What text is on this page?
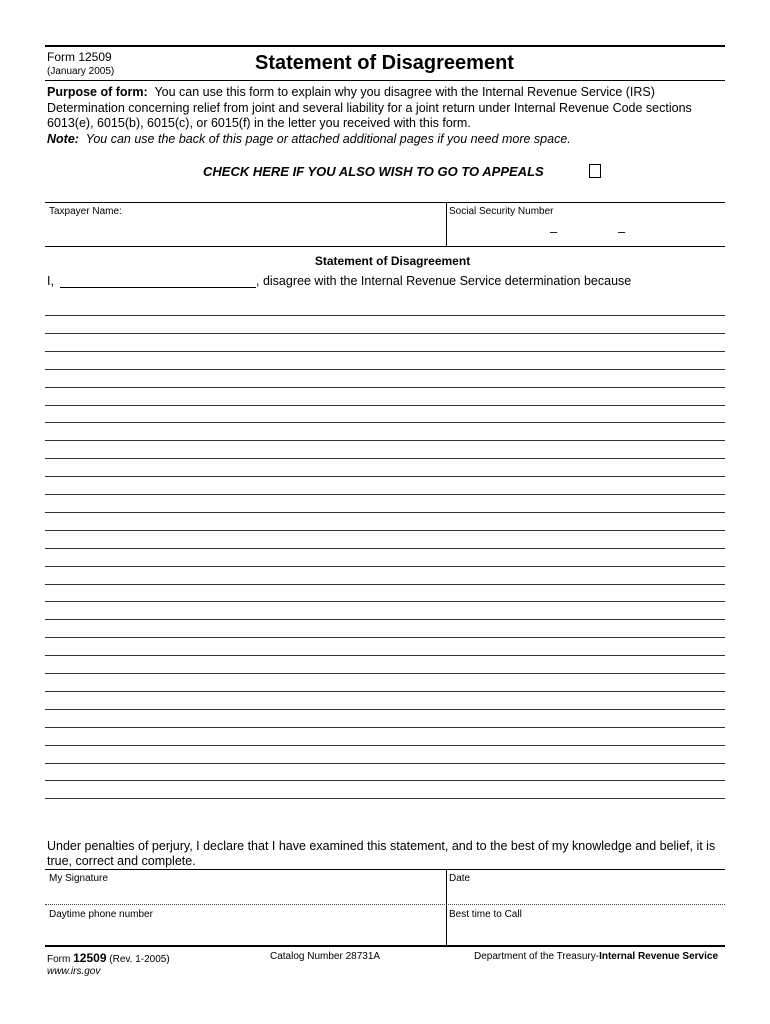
Form 12509
(January 2005)	Statement of Disagreement
Purpose of form: You can use this form to explain why you disagree with the Internal Revenue Service (IRS)
Determination concerning relief from joint and several liability for a joint return under Internal Revenue Code sections
6013(e), 6015(b), 6015(c), or 6015(f) in the letter you received with this form.
Note: You can use the back of this page or attached additional pages if you need more space.
CHECK HERE IF YOU ALSO WISH TO GO TO APPEALS
Taxpayer Name:	Social Security Number
–	–
Statement of Disagreement
I,	, disagree with the Internal Revenue Service determination because
Under penalties of perjury, I declare that I have examined this statement, and to the best of my knowledge and belief, it is
true, correct and complete.
My Signature	Date
Daytime phone number	Best time to Call
Form 12509 (Rev. 1-2005)
www.irs.gov
Catalog Number 28731A	Department of the Treasury-Internal Revenue Service
